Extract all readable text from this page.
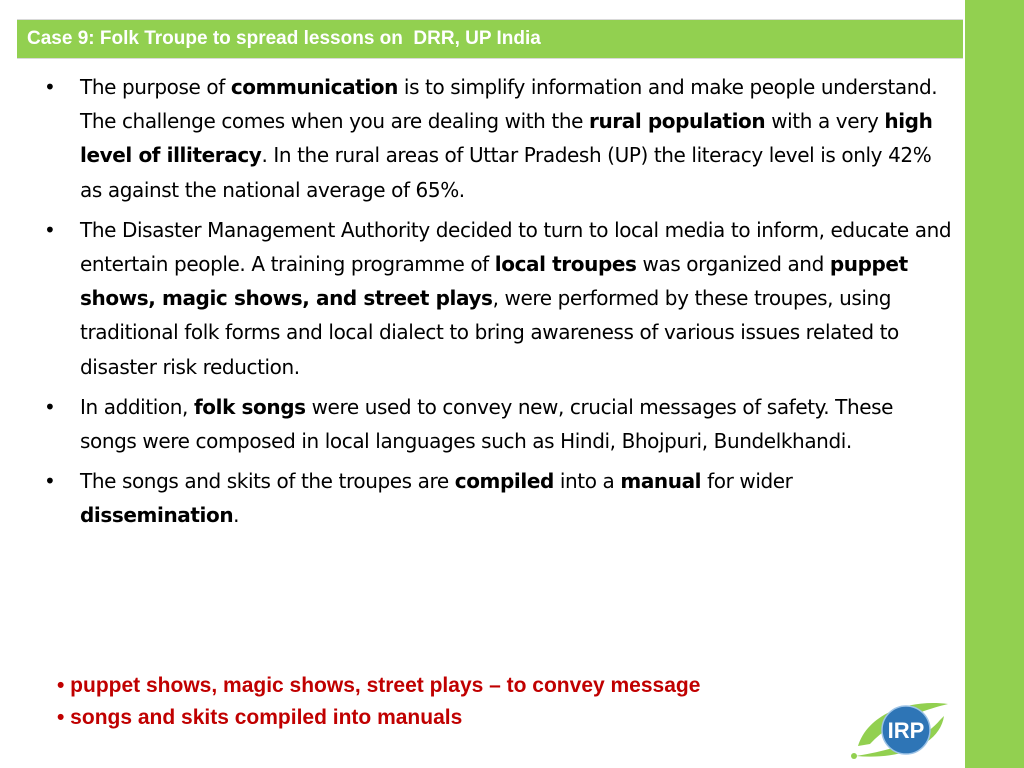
Case 9: Folk Troupe to spread lessons on  DRR, UP India
• The purpose of communication is to simplify information and make people understand. The challenge comes when you are dealing with the rural population with a very high level of illiteracy. In the rural areas of Uttar Pradesh (UP) the literacy level is only 42% as against the national average of 65%.
• The Disaster Management Authority decided to turn to local media to inform, educate and entertain people. A training programme of local troupes was organized and puppet shows, magic shows, and street plays, were performed by these troupes, using traditional folk forms and local dialect to bring awareness of various issues related to disaster risk reduction.
• In addition, folk songs were used to convey new, crucial messages of safety. These songs were composed in local languages such as Hindi, Bhojpuri, Bundelkhandi.
• The songs and skits of the troupes are compiled into a manual for wider dissemination.
• puppet shows, magic shows, street plays – to convey message
• songs and skits compiled into manuals
IRP
